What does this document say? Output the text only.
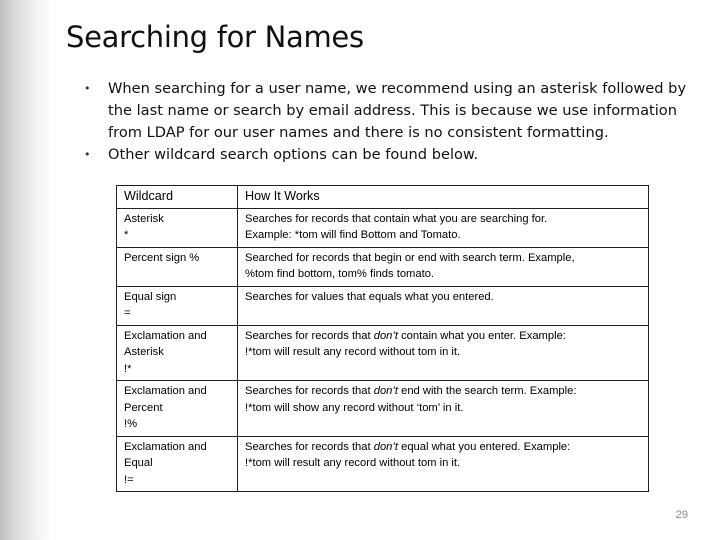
Searching for Names
• When searching for a user name, we recommend using an asterisk followed by the last name or search by email address. This is because we use information from LDAP for our user names and there is no consistent formatting.
• Other wildcard search options can be found below.
Wildcard	How It Works

Asterisk
*	Searches for records that contain what you are searching for.
Example: *tom will find Bottom and Tomato.

Percent sign %	Searched for records that begin or end with search term. Example,
%tom find bottom, tom% finds tomato.

Equal sign
=	Searches for values that equals what you entered.

Exclamation and
Asterisk
!*	Searches for records that don’t contain what you enter. Example:
!*tom will result any record without tom in it.

Exclamation and
Percent
!%	Searches for records that don’t end with the search term. Example:
!*tom will show any record without ‘tom’ in it.

Exclamation and
Equal
!=	Searches for records that don’t equal what you entered. Example:
!*tom will result any record without tom in it.
29
